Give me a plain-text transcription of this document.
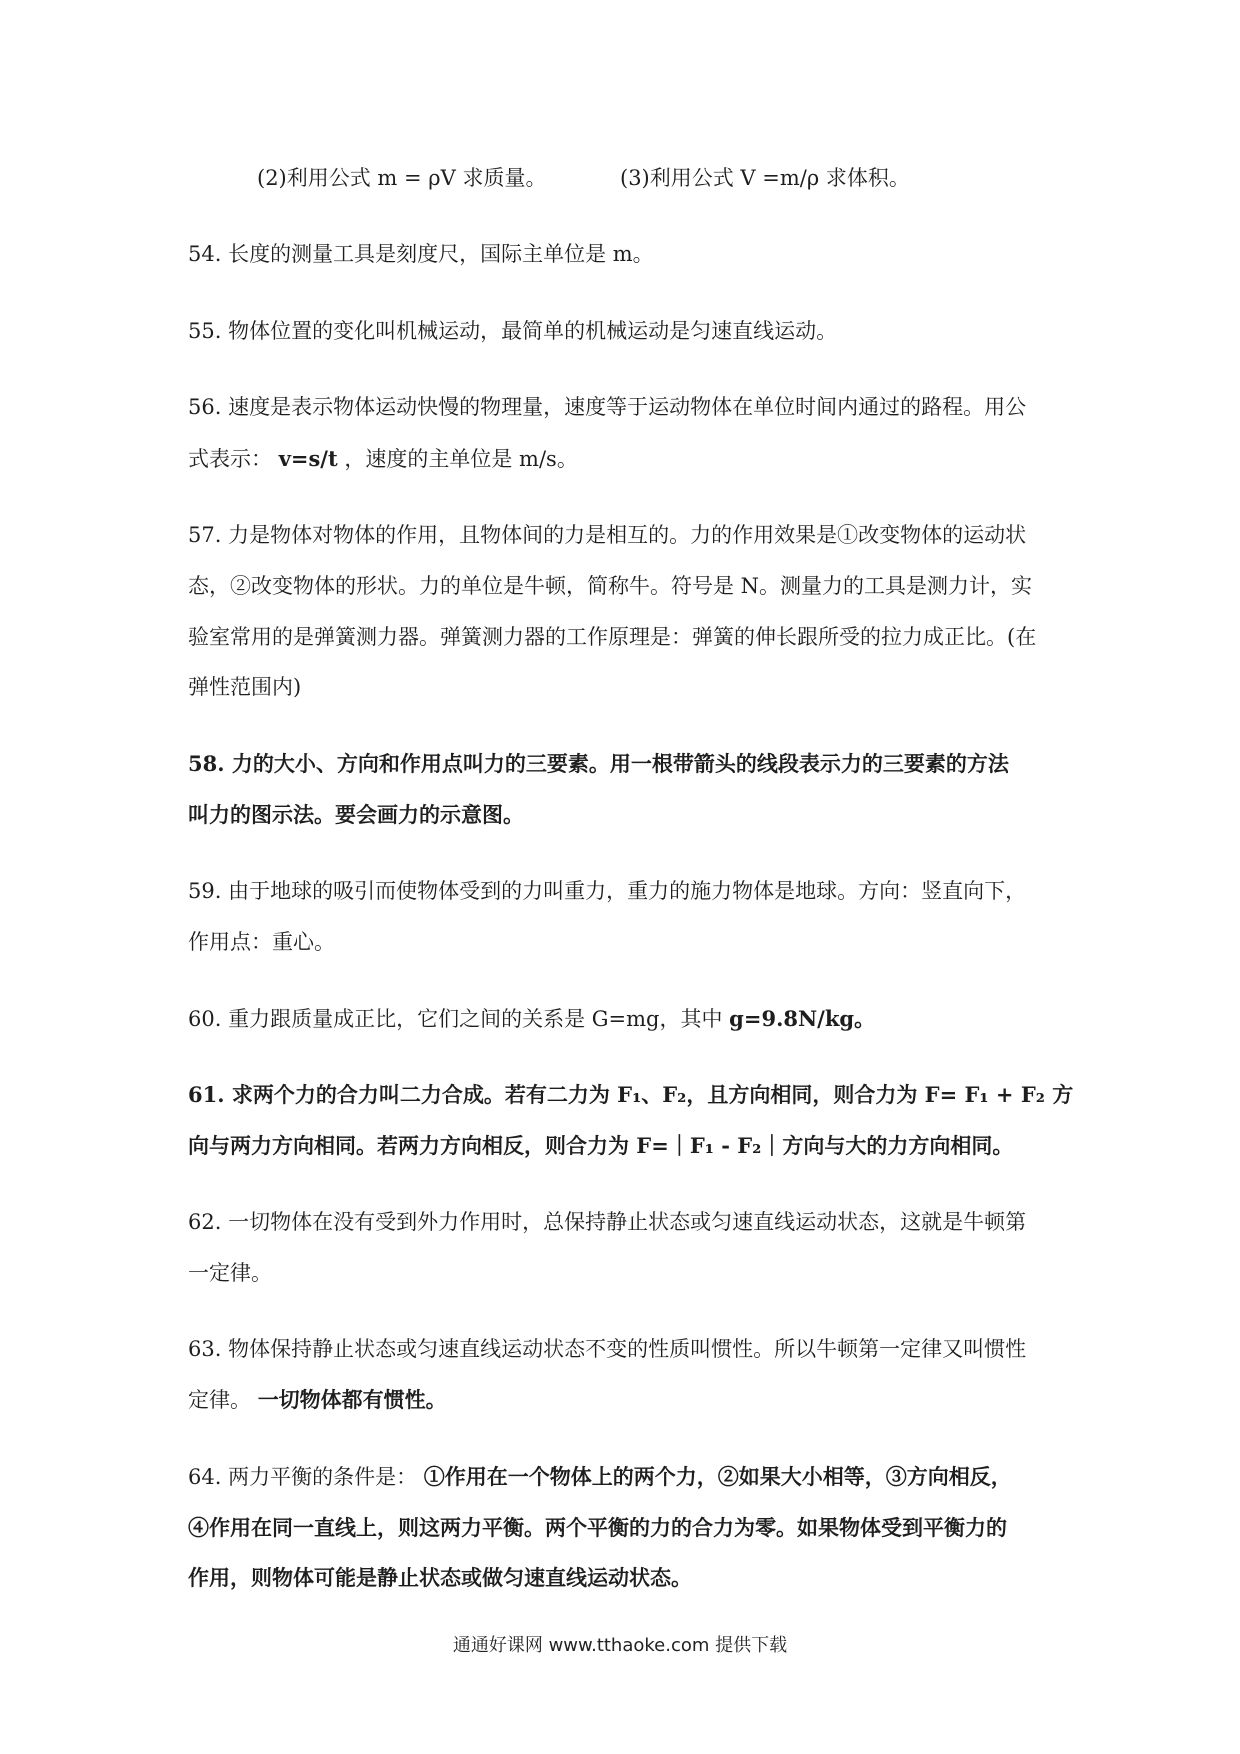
(2)利用公式 m = ρV 求质量。	(3)利用公式 V =m/ρ 求体积。
54. 长度的测量工具是刻度尺，国际主单位是 m。
55. 物体位置的变化叫机械运动，最简单的机械运动是匀速直线运动。
56. 速度是表示物体运动快慢的物理量，速度等于运动物体在单位时间内通过的路程。用公
式表示： v=s/t ，速度的主单位是 m/s。
57. 力是物体对物体的作用，且物体间的力是相互的。力的作用效果是①改变物体的运动状
态，②改变物体的形状。力的单位是牛顿，简称牛。符号是 N。测量力的工具是测力计，实
验室常用的是弹簧测力器。弹簧测力器的工作原理是：弹簧的伸长跟所受的拉力成正比。(在
弹性范围内)
58. 力的大小、方向和作用点叫力的三要素。用一根带箭头的线段表示力的三要素的方法
叫力的图示法。要会画力的示意图。
59. 由于地球的吸引而使物体受到的力叫重力，重力的施力物体是地球。方向：竖直向下，
作用点：重心。
60. 重力跟质量成正比，它们之间的关系是 G=mg，其中 g=9.8N/kg。
61. 求两个力的合力叫二力合成。若有二力为 F₁、F₂，且方向相同，则合力为 F= F₁ + F₂ 方
向与两力方向相同。若两力方向相反，则合力为 F=｜F₁ - F₂｜方向与大的力方向相同。
62. 一切物体在没有受到外力作用时，总保持静止状态或匀速直线运动状态，这就是牛顿第
一定律。
63. 物体保持静止状态或匀速直线运动状态不变的性质叫惯性。所以牛顿第一定律又叫惯性
定律。 一切物体都有惯性。
64. 两力平衡的条件是： ①作用在一个物体上的两个力，②如果大小相等，③方向相反，
④作用在同一直线上，则这两力平衡。两个平衡的力的合力为零。如果物体受到平衡力的
作用，则物体可能是静止状态或做匀速直线运动状态。
通通好课网 www.tthaoke.com 提供下载
